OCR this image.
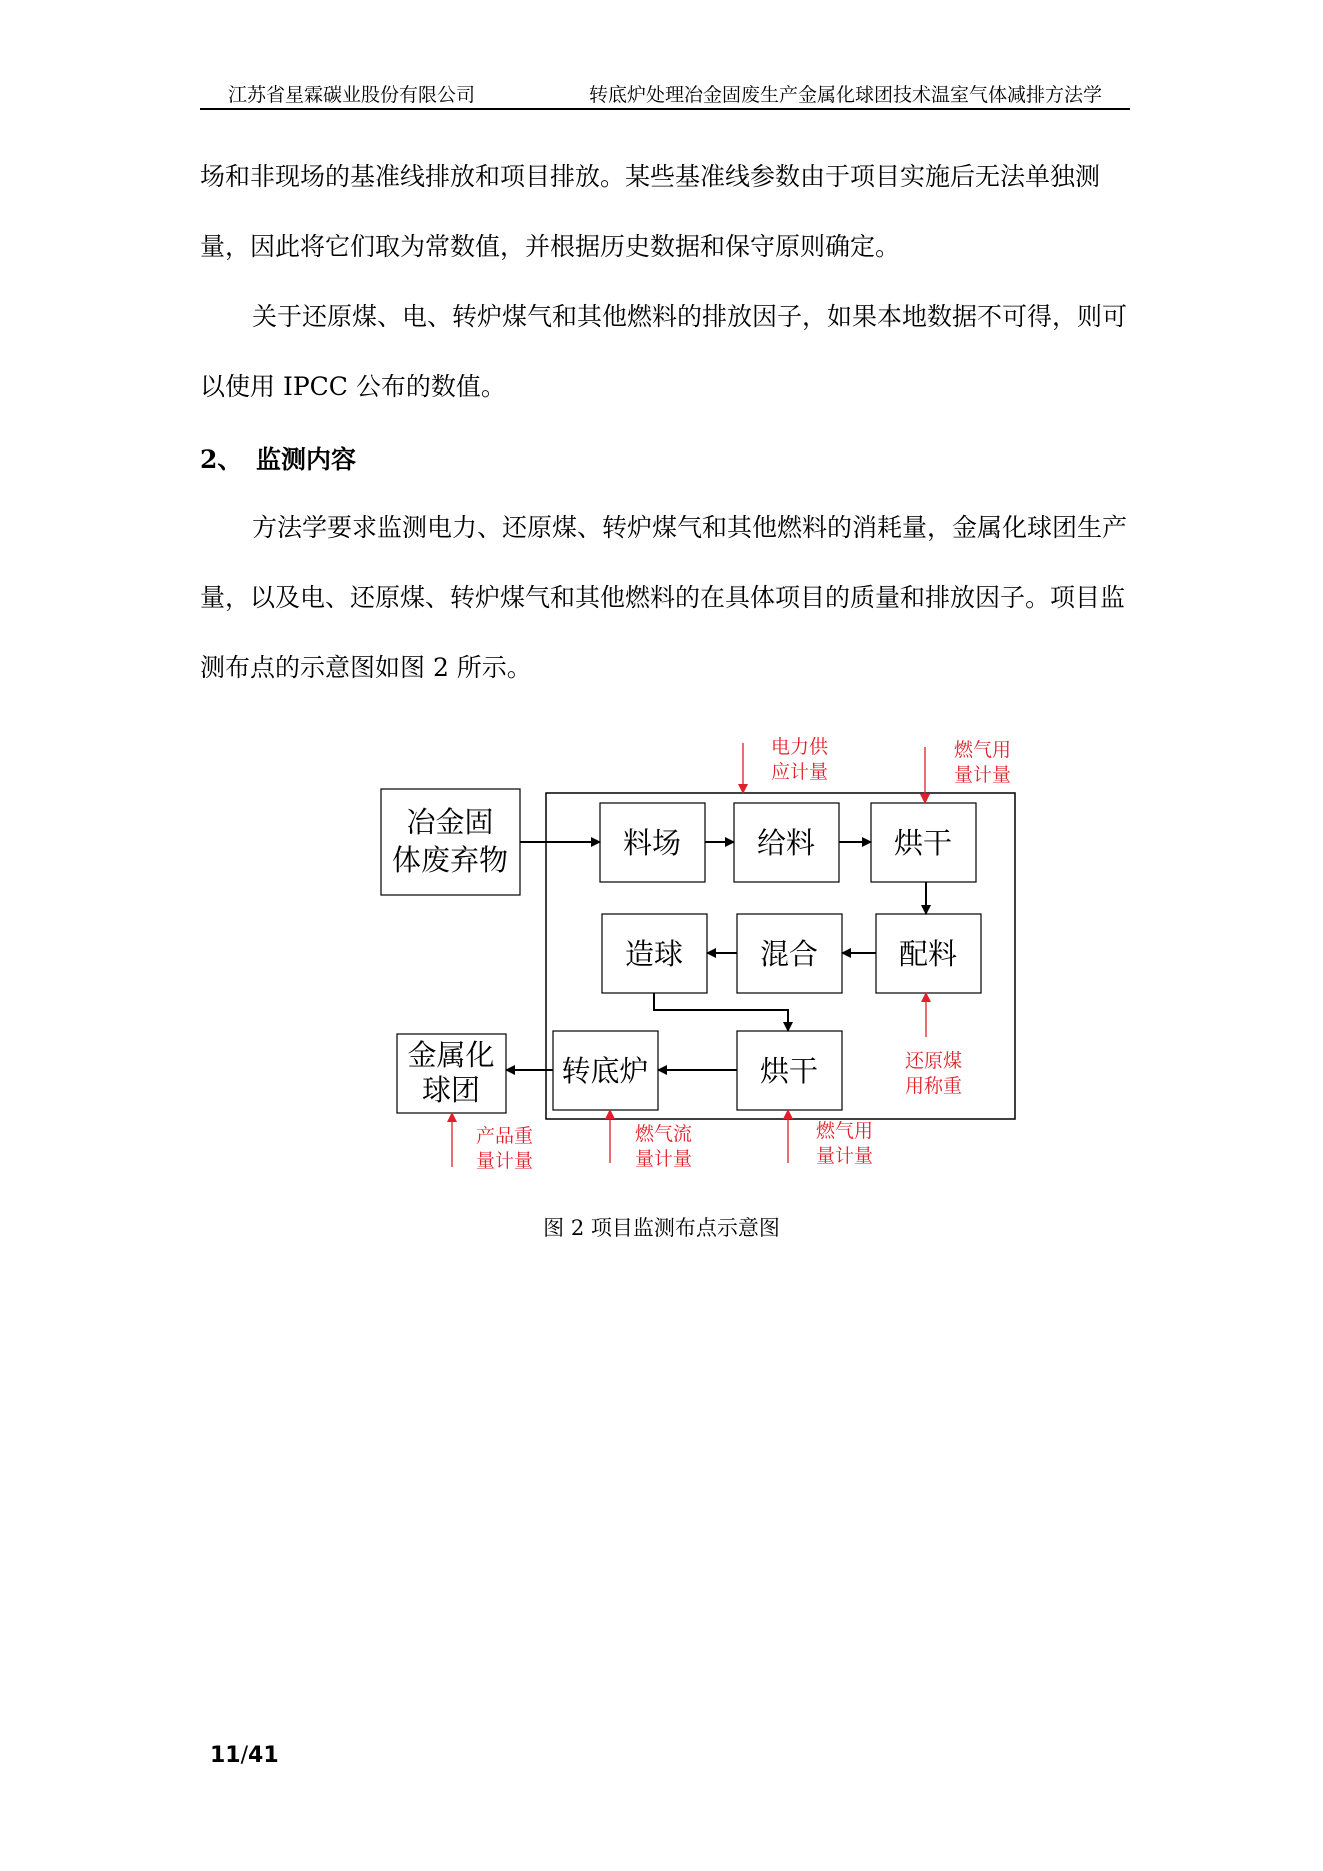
江苏省星霖碳业股份有限公司	转底炉处理冶金固废生产金属化球团技术温室气体减排方法学

场和非现场的基准线排放和项目排放。某些基准线参数由于项目实施后无法单独测量，因此将它们取为常数值，并根据历史数据和保守原则确定。

关于还原煤、电、转炉煤气和其他燃料的排放因子，如果本地数据不可得，则可以使用 IPCC 公布的数值。

2、 监测内容

方法学要求监测电力、还原煤、转炉煤气和其他燃料的消耗量，金属化球团生产量，以及电、还原煤、转炉煤气和其他燃料的在具体项目的质量和排放因子。项目监测布点的示意图如图 2 所示。

冶金固
体废弃物	料场	给料	烘干
造球	混合	配料
金属化
球团
转底炉	烘干
电力供
应计量
燃气用
量计量
还原煤
用称重
燃气用
量计量
燃气流
量计量
产品重
量计量
图 2 项目监测布点示意图
11/41
